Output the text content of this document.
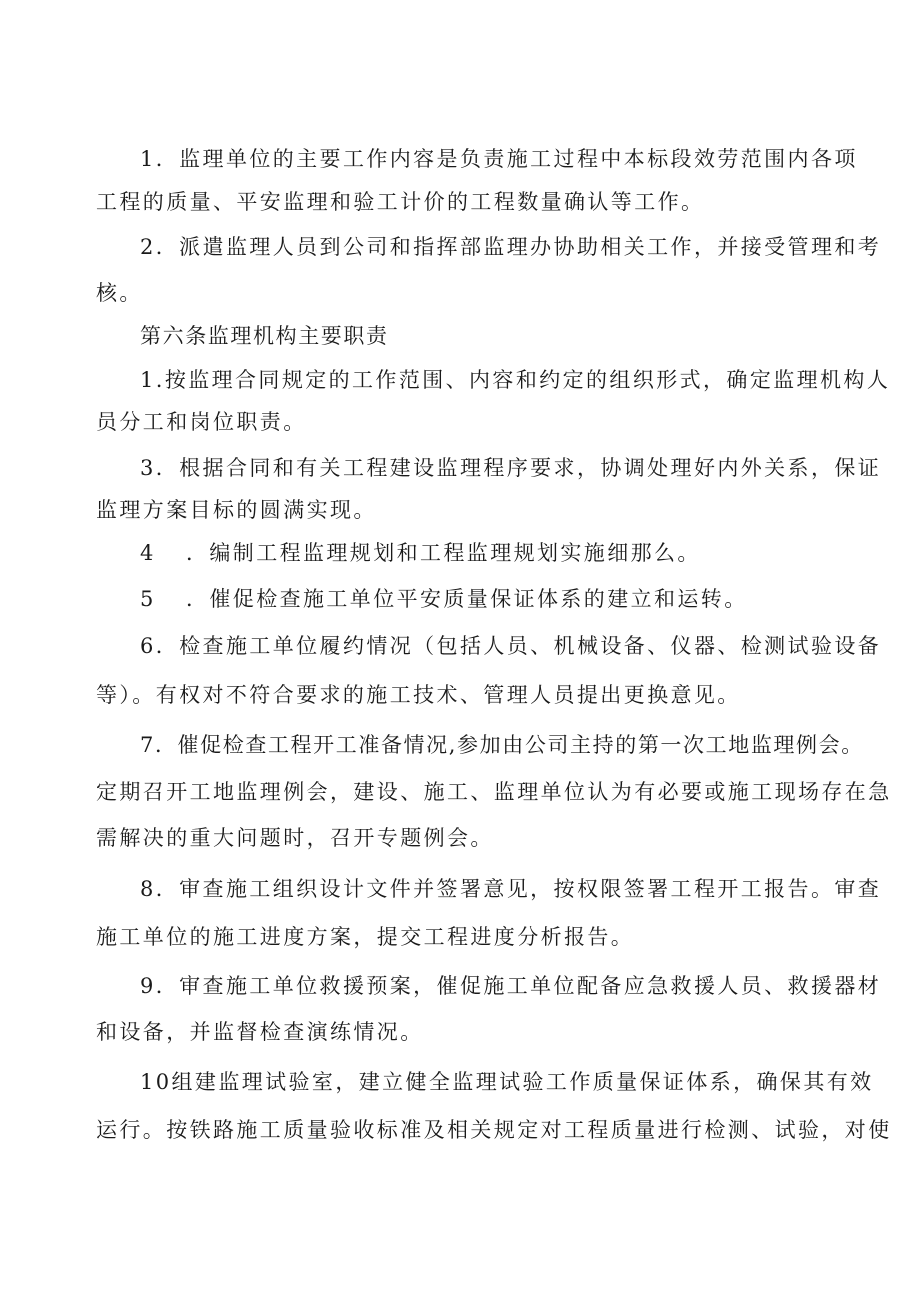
1．监理单位的主要工作内容是负责施工过程中本标段效劳范围内各项
工程的质量、平安监理和验工计价的工程数量确认等工作。
2．派遣监理人员到公司和指挥部监理办协助相关工作，并接受管理和考
核。
第六条监理机构主要职责
1.按监理合同规定的工作范围、内容和约定的组织形式，确定监理机构人
员分工和岗位职责。
3．根据合同和有关工程建设监理程序要求，协调处理好内外关系，保证
监理方案目标的圆满实现。
4 ．编制工程监理规划和工程监理规划实施细那么。
5 ．催促检查施工单位平安质量保证体系的建立和运转。
6．检查施工单位履约情况（包括人员、机械设备、仪器、检测试验设备
等）。有权对不符合要求的施工技术、管理人员提出更换意见。
7．催促检查工程开工准备情况,参加由公司主持的第一次工地监理例会。
定期召开工地监理例会，建设、施工、监理单位认为有必要或施工现场存在急
需解决的重大问题时，召开专题例会。
8．审查施工组织设计文件并签署意见，按权限签署工程开工报告。审查
施工单位的施工进度方案，提交工程进度分析报告。
9．审查施工单位救援预案，催促施工单位配备应急救援人员、救援器材
和设备，并监督检查演练情况。
10组建监理试验室，建立健全监理试验工作质量保证体系，确保其有效
运行。按铁路施工质量验收标准及相关规定对工程质量进行检测、试验，对使
